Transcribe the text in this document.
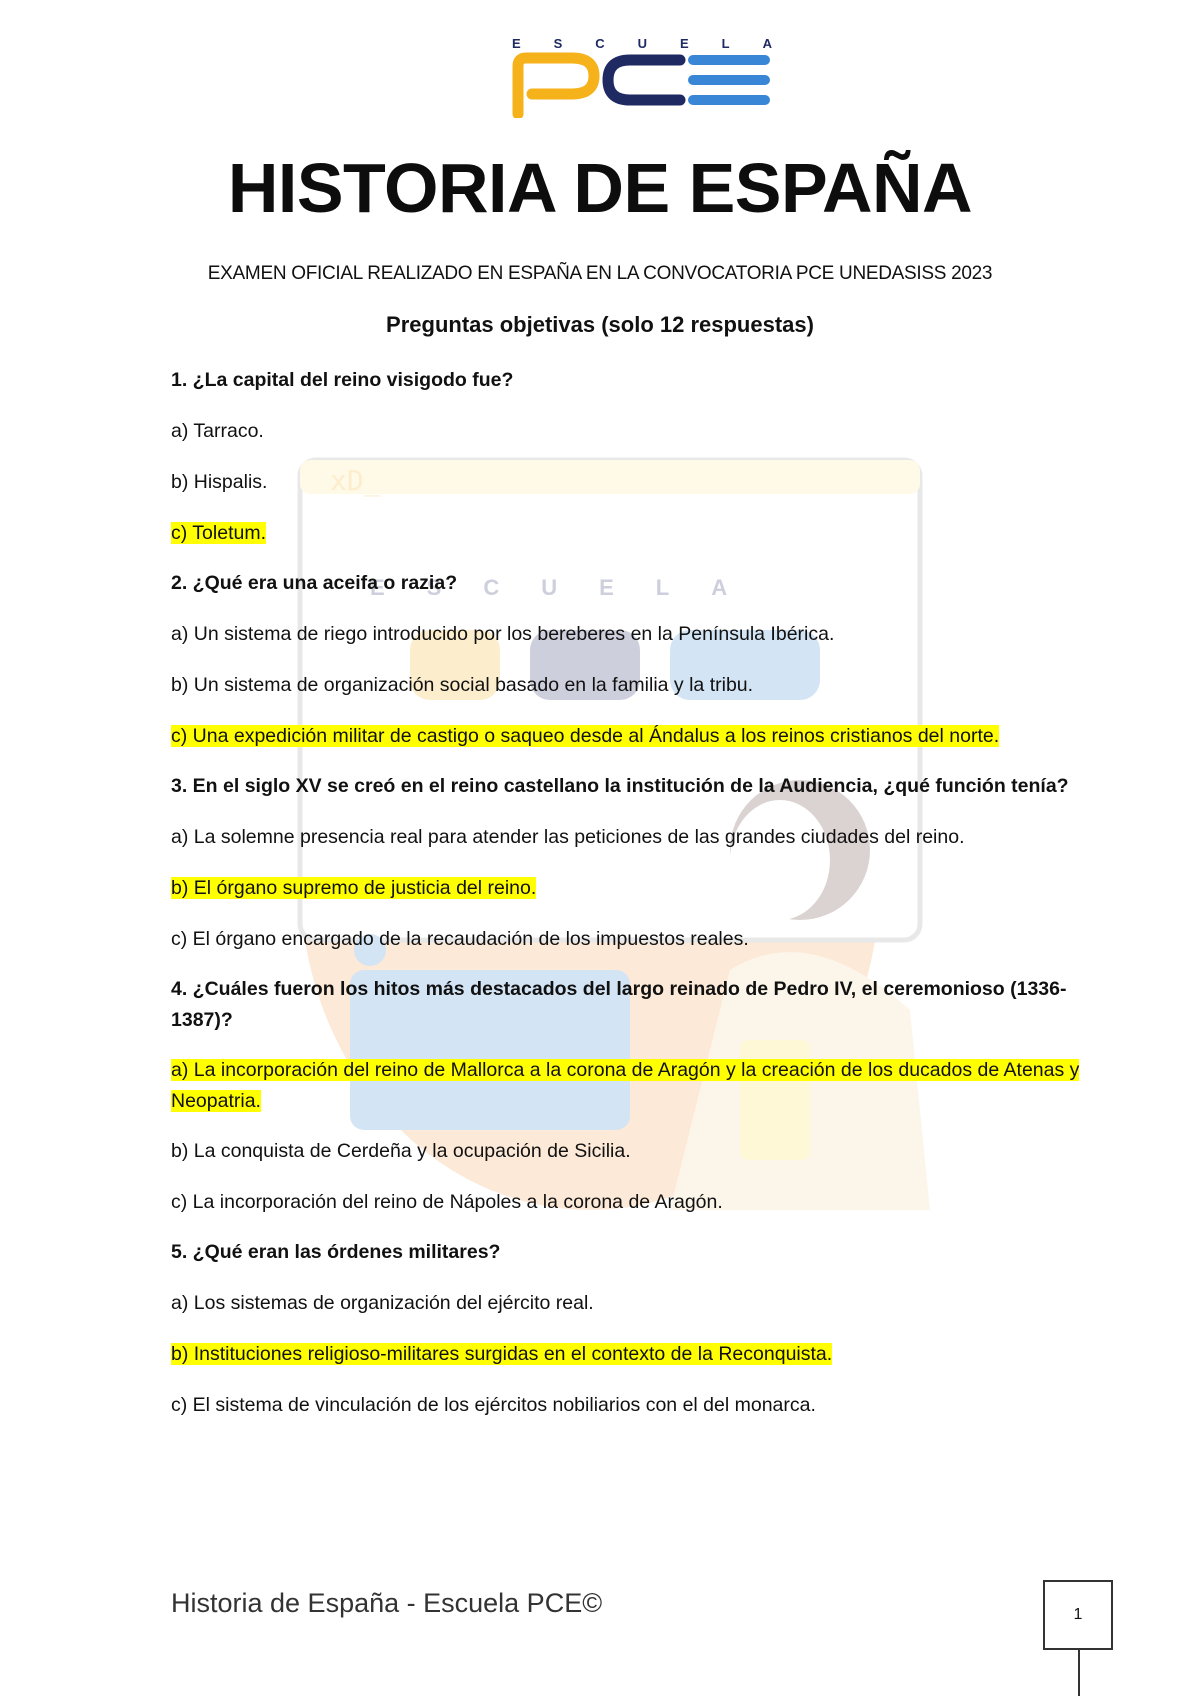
xD_
ESCUELA
E	S	C	U	E	L	A
HISTORIA DE ESPAÑA
EXAMEN OFICIAL REALIZADO EN ESPAÑA EN LA CONVOCATORIA PCE UNEDASISS 2023
Preguntas objetivas (solo 12 respuestas)
1. ¿La capital del reino visigodo fue?
a) Tarraco.
b) Hispalis.
c) Toletum.
2. ¿Qué era una aceifa o razia?
a) Un sistema de riego introducido por los bereberes en la Península Ibérica.
b) Un sistema de organización social basado en la familia y la tribu.
c) Una expedición militar de castigo o saqueo desde al Ándalus a los reinos cristianos del norte.
3. En el siglo XV se creó en el reino castellano la institución de la Audiencia, ¿qué función tenía?
a) La solemne presencia real para atender las peticiones de las grandes ciudades del reino.
b) El órgano supremo de justicia del reino.
c) El órgano encargado de la recaudación de los impuestos reales.
4. ¿Cuáles fueron los hitos más destacados del largo reinado de Pedro IV, el ceremonioso (1336-1387)?
a) La incorporación del reino de Mallorca a la corona de Aragón y la creación de los ducados de Atenas y Neopatria.
b) La conquista de Cerdeña y la ocupación de Sicilia.
c) La incorporación del reino de Nápoles a la corona de Aragón.
5. ¿Qué eran las órdenes militares?
a) Los sistemas de organización del ejército real.
b) Instituciones religioso-militares surgidas en el contexto de la Reconquista.
c) El sistema de vinculación de los ejércitos nobiliarios con el del monarca.
Historia de España - Escuela PCE©	1
